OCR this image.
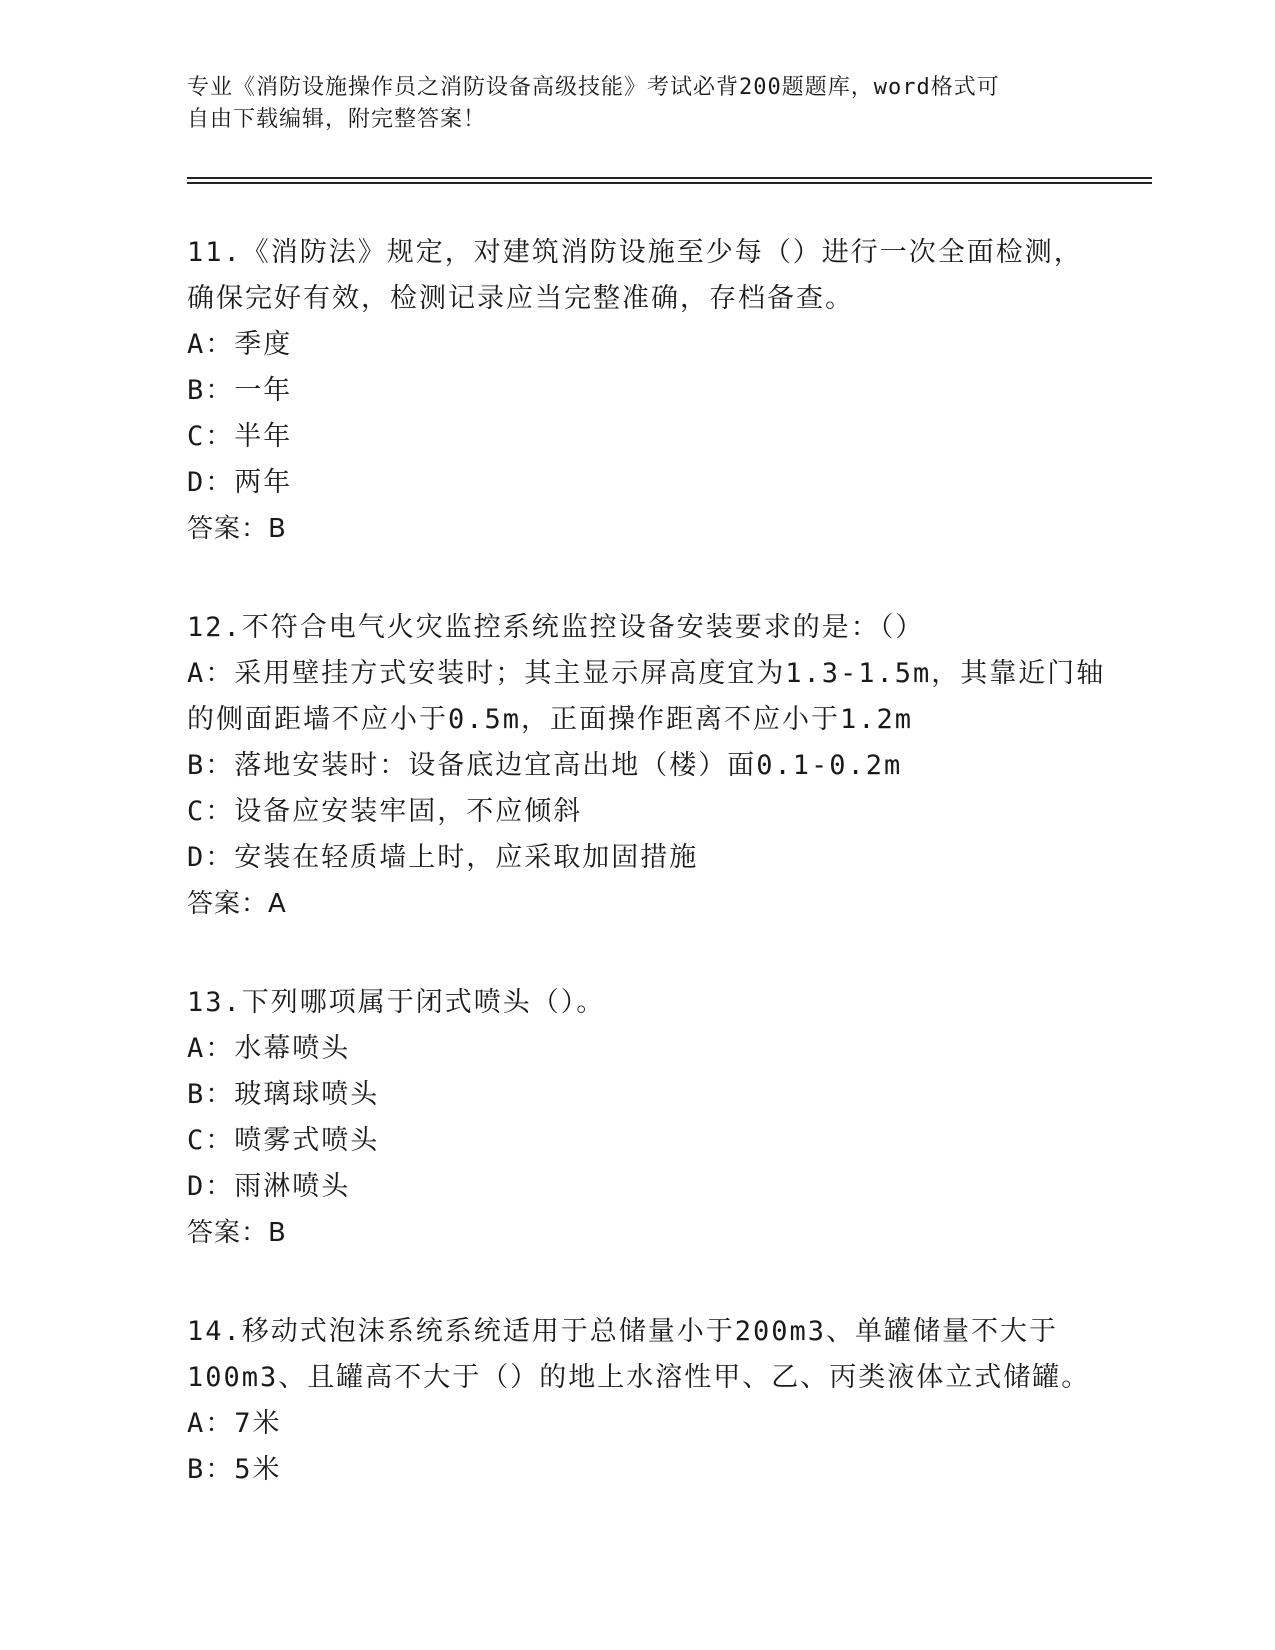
专业《消防设施操作员之消防设备高级技能》考试必背200题题库，word格式可
自由下载编辑，附完整答案！
11.《消防法》规定，对建筑消防设施至少每（）进行一次全面检测，
确保完好有效，检测记录应当完整准确，存档备查。
A：季度
B：一年
C：半年
D：两年
答案：B
12.不符合电气火灾监控系统监控设备安装要求的是：（）
A：采用壁挂方式安装时；其主显示屏高度宜为1.3-1.5m，其靠近门轴
的侧面距墙不应小于0.5m，正面操作距离不应小于1.2m
B：落地安装时：设备底边宜高出地（楼）面0.1-0.2m
C：设备应安装牢固，不应倾斜
D：安装在轻质墙上时，应采取加固措施
答案：A
13.下列哪项属于闭式喷头（）。
A：水幕喷头
B：玻璃球喷头
C：喷雾式喷头
D：雨淋喷头
答案：B
14.移动式泡沫系统系统适用于总储量小于200m3、单罐储量不大于
100m3、且罐高不大于（）的地上水溶性甲、乙、丙类液体立式储罐。
A：7米
B：5米
